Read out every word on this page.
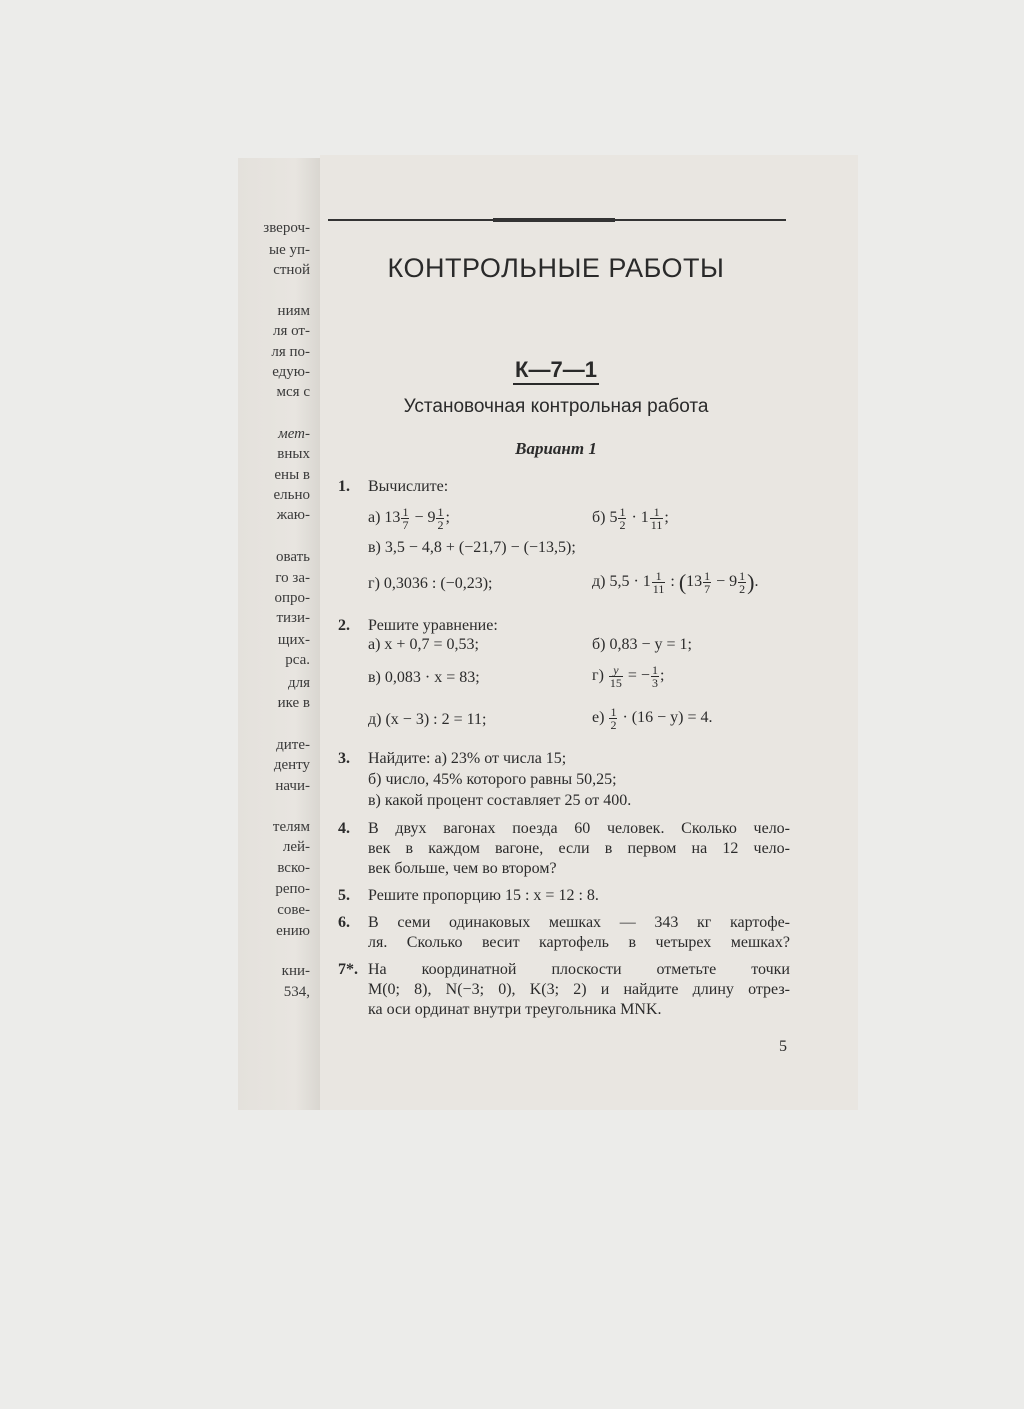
звероч-
ые уп-
стной
ниям
ля от-
ля по-
едую-
мся с
мет-
вных
ены в
ельно
жаю-
овать
го за-
опро-
тизи-
щих-
рса.
для
ике в
дите-
денту
начи-
телям
лей-
вско-
репо-
сове-
ению
кни-
534,
КОНТРОЛЬНЫЕ РАБОТЫ
К—7—1
Установочная контрольная работа
Вариант 1
1. Вычислите:
а) $13 \frac{1}{7} - 9 \frac{1}{2}$ ;	б) $5 \frac{1}{2} \cdot 1 \frac{1}{11}$ ;
в) 3,5 − 4,8 + (−21,7) − (−13,5);
г) 0,3036 : (−0,23);	д) $5,5 \cdot 1 \frac{1}{11}$ : ($13 \frac{1}{7} - 9 \frac{1}{2}$ ).
2. Решите уравнение:
а) x + 0,7 = 0,53;	б) 0,83 − y = 1;
в) 0,083 · x = 83;	$г) \frac{y}{15}$ = − $\frac{1}{3}$ ;
д) (x − 3) : 2 = 11;	$е) \frac{1}{2} \cdot (16 - y) = 4$.
3. Найдите: а) 23% от числа 15;
б) число, 45% которого равны 50,25;
в) какой процент составляет 25 от 400.
4. В двух вагонах поезда 60 человек. Сколько чело-
век в каждом вагоне, если в первом на 12 чело-
век больше, чем во втором?
5. Решите пропорцию 15 : x = 12 : 8.
6. В семи одинаковых мешках — 343 кг картофе-
ля. Сколько весит картофель в четырех мешках?
7*. На координатной плоскости отметьте точки
M(0; 8), N(−3; 0), K(3; 2) и найдите длину отрез-
ка оси ординат внутри треугольника MNK.
5
